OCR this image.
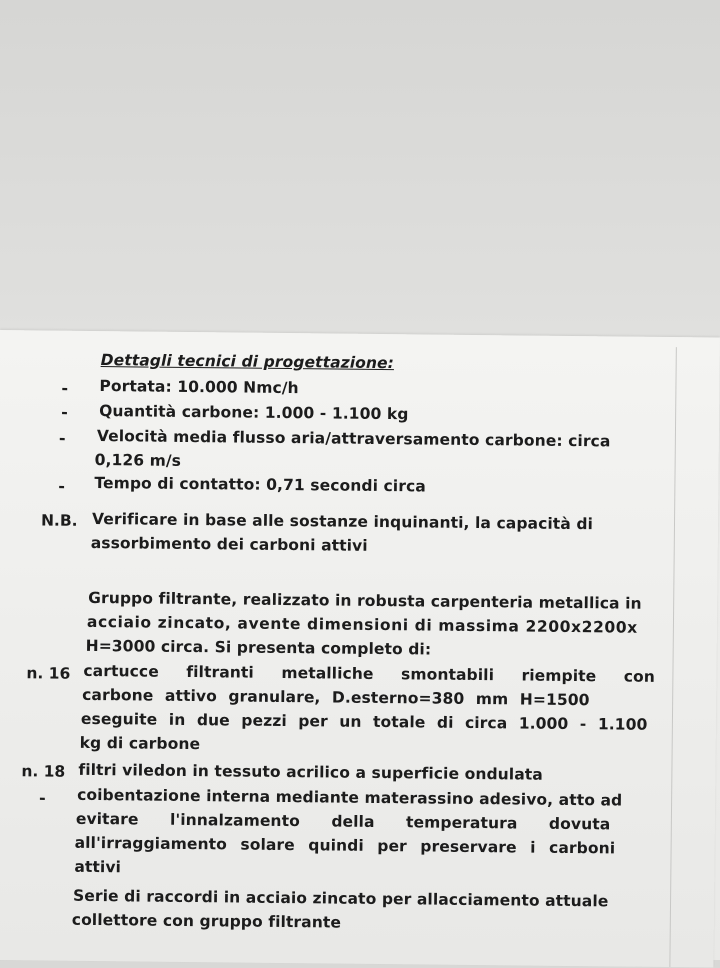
Dettagli tecnici di progettazione:
- Portata: 10.000 Nmc/h
- Quantità carbone: 1.000 - 1.100 kg
- Velocità media flusso aria/attraversamento carbone: circa
0,126 m/s
- Tempo di contatto: 0,71 secondi circa
N.B. Verificare in base alle sostanze inquinanti, la capacità di
assorbimento dei carboni attivi
Gruppo filtrante, realizzato in robusta carpenteria metallica in
acciaio zincato, avente dimensioni di massima 2200x2200x
H=3000 circa. Si presenta completo di:
n. 16 cartucce filtranti metalliche smontabili riempite con
carbone attivo granulare, D.esterno=380 mm H=1500
eseguite in due pezzi per un totale di circa 1.000 - 1.100
kg di carbone
n. 18 filtri viledon in tessuto acrilico a superficie ondulata
- coibentazione interna mediante materassino adesivo, atto ad
evitare l'innalzamento della temperatura dovuta
all'irraggiamento solare quindi per preservare i carboni
attivi
Serie di raccordi in acciaio zincato per allacciamento attuale
collettore con gruppo filtrante
